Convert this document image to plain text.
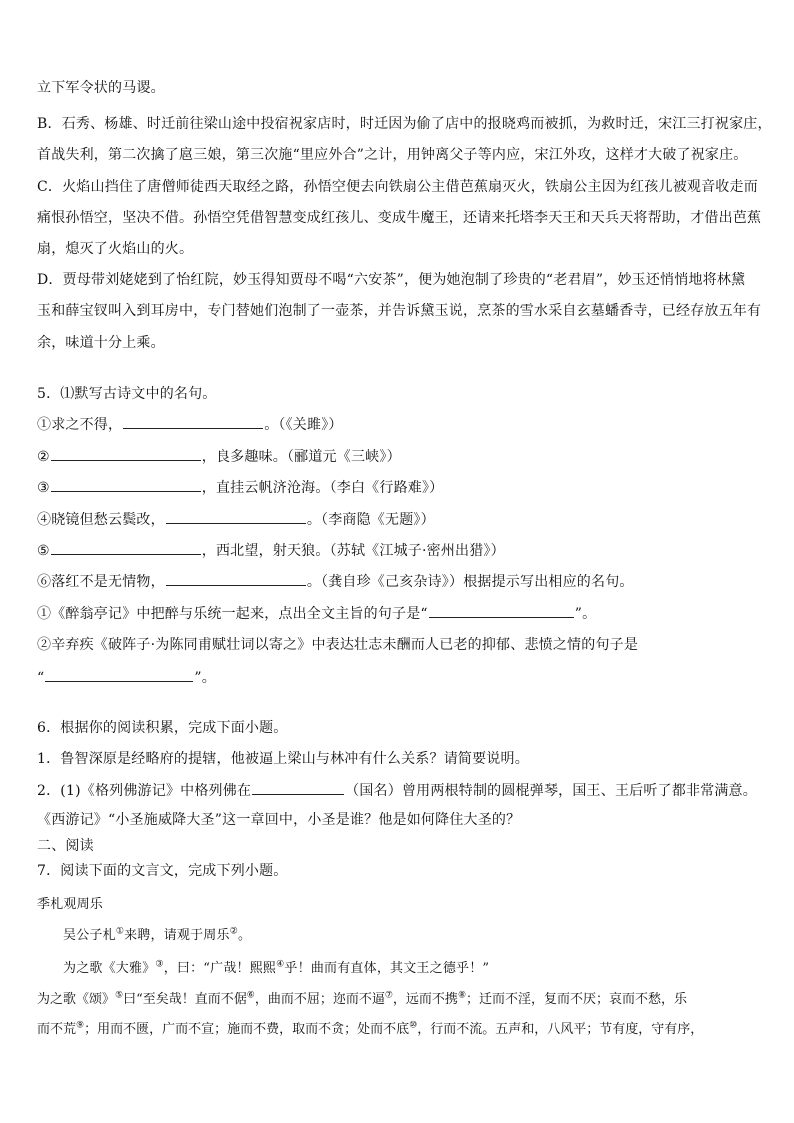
立下军令状的马谡。
B．石秀、杨雄、时迁前往梁山途中投宿祝家店时，时迁因为偷了店中的报晓鸡而被抓，为救时迁，宋江三打祝家庄，
首战失利，第二次擒了扈三娘，第三次施“里应外合”之计，用钟离父子等内应，宋江外攻，这样才大破了祝家庄。
C．火焰山挡住了唐僧师徒西天取经之路，孙悟空便去向铁扇公主借芭蕉扇灭火，铁扇公主因为红孩儿被观音收走而
痛恨孙悟空，坚决不借。孙悟空凭借智慧变成红孩儿、变成牛魔王，还请来托塔李天王和天兵天将帮助，才借出芭蕉
扇，熄灭了火焰山的火。
D．贾母带刘姥姥到了怡红院，妙玉得知贾母不喝“六安茶”，便为她泡制了珍贵的“老君眉”，妙玉还悄悄地将林黛
玉和薛宝钗叫入到耳房中，专门替她们泡制了一壶茶，并告诉黛玉说，烹茶的雪水采自玄墓蟠香寺，已经存放五年有
余，味道十分上乘。
5．⑴默写古诗文中的名句。
①求之不得，	。（《关雎》）
②	，良多趣味。（郦道元《三峡》）
③	，直挂云帆济沧海。（李白《行路难》）
④晓镜但愁云鬓改，	。（李商隐《无题》）
⑤	，西北望，射天狼。（苏轼《江城子·密州出猎》）
⑥落红不是无情物，	。（龚自珍《己亥杂诗》）根据提示写出相应的名句。
①《醉翁亭记》中把醉与乐统一起来，点出全文主旨的句子是“	”。
②辛弃疾《破阵子·为陈同甫赋壮词以寄之》中表达壮志未酬而人已老的抑郁、悲愤之情的句子是
“	”。
6．根据你的阅读积累，完成下面小题。
1．鲁智深原是经略府的提辖，他被逼上梁山与林冲有什么关系？请简要说明。
2．(1)《格列佛游记》中格列佛在	（国名）曾用两根特制的圆棍弹琴，国王、王后听了都非常满意。
《西游记》“小圣施威降大圣”这一章回中，小圣是谁？他是如何降住大圣的？
二、阅读
7．阅读下面的文言文，完成下列小题。
季札观周乐
吴公子札①来聘，请观于周乐②。
为之歌《大雅》③，曰：“广哉！熙熙④乎！曲而有直体，其文王之德乎！”
为之歌《颂》⑤曰“至矣哉！直而不倨⑥，曲而不屈；迩而不逼⑦，远而不携⑧；迁而不淫，复而不厌；哀而不愁，乐
而不荒⑨；用而不匮，广而不宣；施而不费，取而不贪；处而不底⑩，行而不流。五声和，八风平；节有度，守有序，
